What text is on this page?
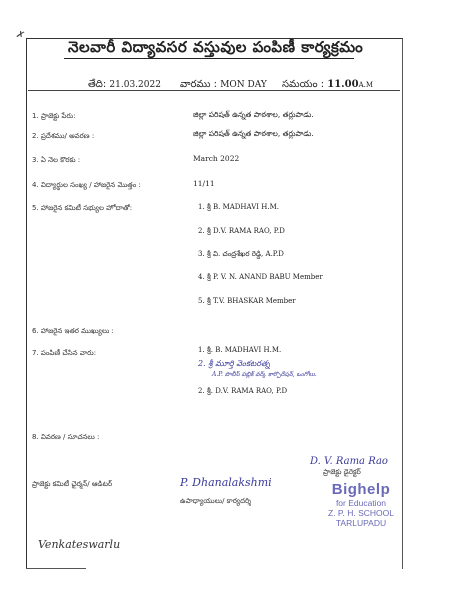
✗
నెలవారీ విద్యావసర వస్తువుల పంపిణీ కార్యక్రమం
తేది: 21.03.2022 వారము : MON DAY సమయం : 11.00A.M
1. ప్రాజెక్టు పేరు:	జిల్లా పరిషత్ ఉన్నత పాఠశాల, తర్లుపాడు.
2. ప్రదేశము/ అవరణ :	జిల్లా పరిషత్ ఉన్నత పాఠశాల, తర్లుపాడు.
3. ఏ నెల కొరకు :	March 2022
4. విద్యార్థుల సంఖ్య / హాజరైన మొత్తం :	11/11
5. హాజరైన కమిటీ సభ్యుల హోదాతో:	1. శ్రీ B. MADHAVI H.M.
2. శ్రీ D.V. RAMA RAO, P.D
3. శ్రీ వి. చంద్రశేఖర రెడ్డి, A.P.D
4. శ్రీ P. V. N. ANAND BABU Member
5. శ్రీ T.V. BHASKAR Member
6. హాజరైన ఇతర ముఖ్యులు :
7. పంపిణీ చేసిన వారు:	1. శ్రీ. B. MADHAVI H.M.
2. శ్రీ మూర్తి వెంకటరత్న
A.P. పొలీస్ పబ్లిక్ వర్క్ కార్పొరేషన్, ఒంగోలు.
2. శ్రీ. D.V. RAMA RAO, P.D
8. వివరణ / సూచనలు :
D. V. Rama Rao
ప్రాజెక్టు డైరెక్టర్
ప్రాజెక్టు కమిటీ ఛైర్మన్/ ఆడిటర్	P. Dhanalakshmi
ఉపాధ్యాయులు/ కార్యదర్శి
Bighelp
for Education
Z. P. H. SCHOOL
TARLUPADU
Venkateswarlu
